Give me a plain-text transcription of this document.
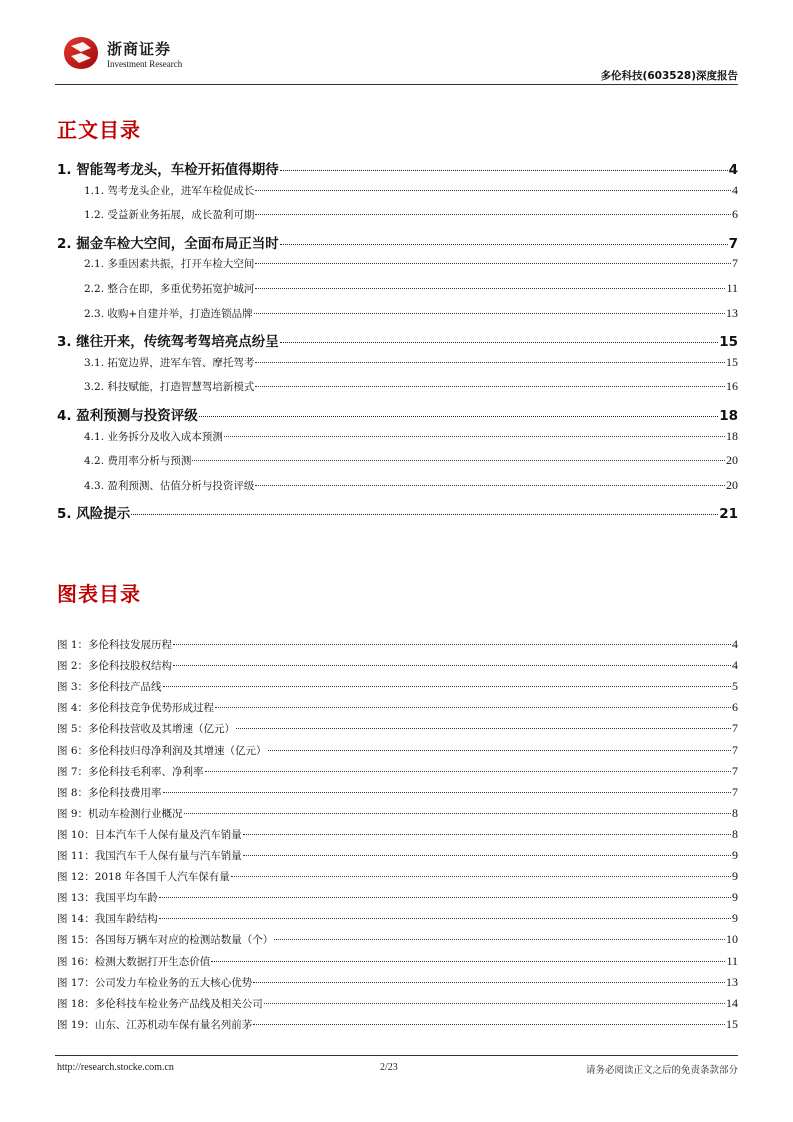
浙商证券
Investment Research
多伦科技(603528)深度报告
正文目录
1. 智能驾考龙头，车检开拓值得期待	4
1.1. 驾考龙头企业，进军车检促成长	4
1.2. 受益新业务拓展，成长盈利可期	6
2. 掘金车检大空间，全面布局正当时	7
2.1. 多重因素共振，打开车检大空间	7
2.2. 整合在即，多重优势拓宽护城河	11
2.3. 收购+自建并举，打造连锁品牌	13
3. 继往开来，传统驾考驾培亮点纷呈	15
3.1. 拓宽边界，进军车管、摩托驾考	15
3.2. 科技赋能，打造智慧驾培新模式	16
4. 盈利预测与投资评级	18
4.1. 业务拆分及收入成本预测	18
4.2. 费用率分析与预测	20
4.3. 盈利预测、估值分析与投资评级	20
5. 风险提示	21
图表目录
图 1：多伦科技发展历程	4
图 2：多伦科技股权结构	4
图 3：多伦科技产品线	5
图 4：多伦科技竞争优势形成过程	6
图 5：多伦科技营收及其增速（亿元）	7
图 6：多伦科技归母净利润及其增速（亿元）	7
图 7：多伦科技毛利率、净利率	7
图 8：多伦科技费用率	7
图 9：机动车检测行业概况	8
图 10：日本汽车千人保有量及汽车销量	8
图 11：我国汽车千人保有量与汽车销量	9
图 12：2018 年各国千人汽车保有量	9
图 13：我国平均车龄	9
图 14：我国车龄结构	9
图 15：各国每万辆车对应的检测站数量（个）	10
图 16：检测大数据打开生态价值	11
图 17：公司发力车检业务的五大核心优势	13
图 18：多伦科技车检业务产品线及相关公司	14
图 19：山东、江苏机动车保有量名列前茅	15
http://research.stocke.com.cn	2/23	请务必阅读正文之后的免责条款部分
